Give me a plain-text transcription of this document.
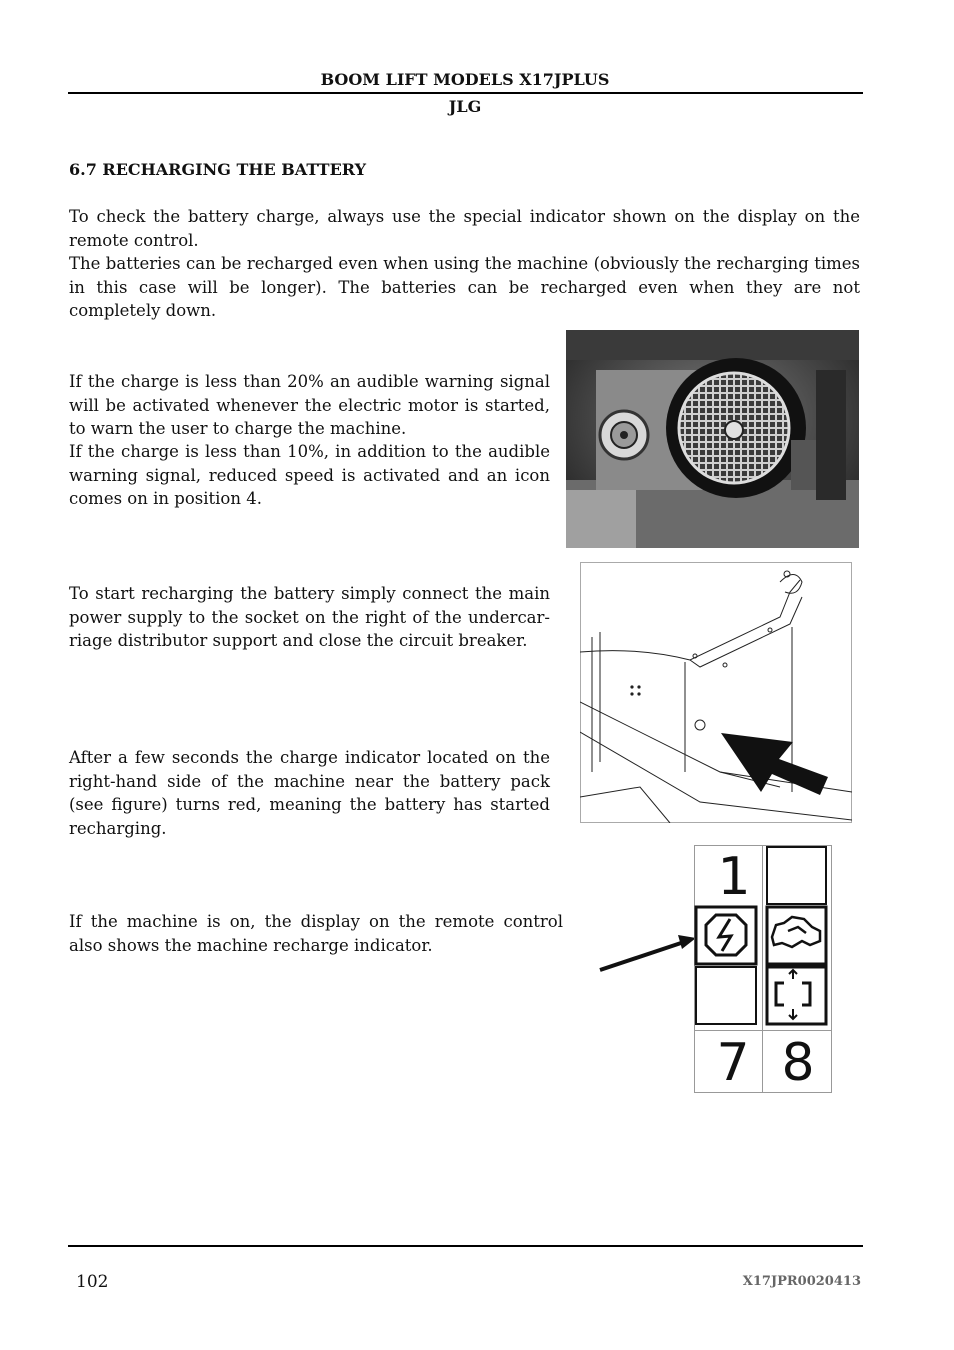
BOOM LIFT MODELS X17JPLUS
JLG
6.7 RECHARGING THE BATTERY
To check the battery charge, always use the special indicator shown on the display on the remote control.
The batteries can be recharged even when using the machine (obviously the recharging times in this case will be longer). The batteries can be recharged even when they are not completely down.
If the charge is less than 20% an audible warning signal will be activated whenever the electric motor is started, to warn the user to charge the machine.
If the charge is less than 10%, in addition to the audible warning signal, reduced speed is activated and an icon comes on in position 4.
To start recharging the battery simply connect the main power supply to the socket on the right of the undercar-riage distributor support and close the circuit breaker.
After a few seconds the charge indicator located on the right-hand side of the machine near the battery pack (see figure) turns red, meaning the battery has started recharging.
If the machine is on, the display on the remote control also shows the machine recharge indicator.
1
7 8
102	X17JPR0020413
